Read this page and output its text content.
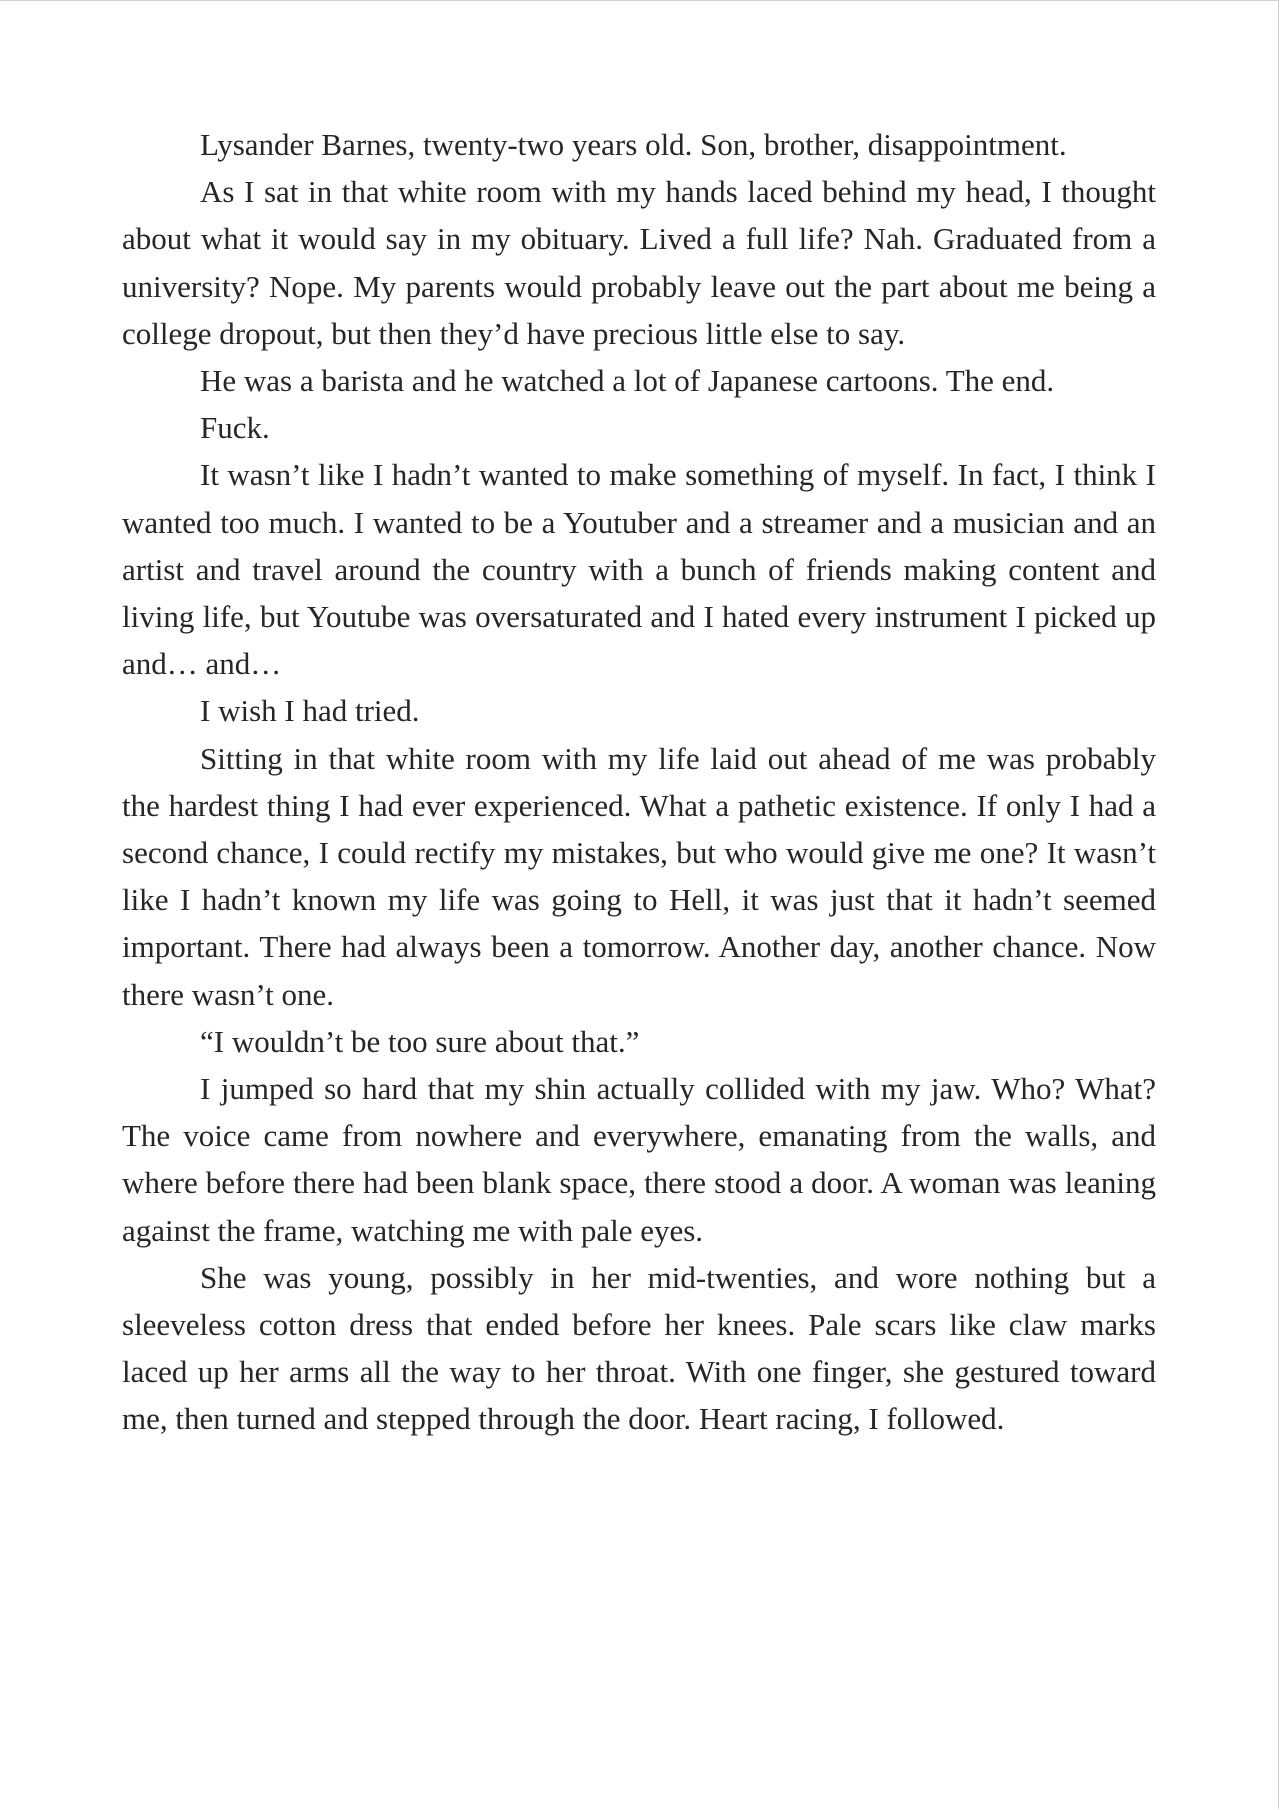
Lysander Barnes, twenty-two years old. Son, brother, disappointment.

As I sat in that white room with my hands laced behind my head, I thought about what it would say in my obituary. Lived a full life? Nah. Graduated from a university? Nope. My parents would probably leave out the part about me being a college dropout, but then they’d have precious little else to say.

He was a barista and he watched a lot of Japanese cartoons. The end.

Fuck.

It wasn’t like I hadn’t wanted to make something of myself. In fact, I think I wanted too much. I wanted to be a Youtuber and a streamer and a musician and an artist and travel around the country with a bunch of friends making content and living life, but Youtube was oversaturated and I hated every instrument I picked up and… and…

I wish I had tried.

Sitting in that white room with my life laid out ahead of me was probably the hardest thing I had ever experienced. What a pathetic existence. If only I had a second chance, I could rectify my mistakes, but who would give me one? It wasn’t like I hadn’t known my life was going to Hell, it was just that it hadn’t seemed important. There had always been a tomorrow. Another day, another chance. Now there wasn’t one.

“I wouldn’t be too sure about that.”

I jumped so hard that my shin actually collided with my jaw. Who? What? The voice came from nowhere and everywhere, emanating from the walls, and where before there had been blank space, there stood a door. A woman was leaning against the frame, watching me with pale eyes.

She was young, possibly in her mid-twenties, and wore nothing but a sleeveless cotton dress that ended before her knees. Pale scars like claw marks laced up her arms all the way to her throat. With one finger, she gestured toward me, then turned and stepped through the door. Heart racing, I followed.
